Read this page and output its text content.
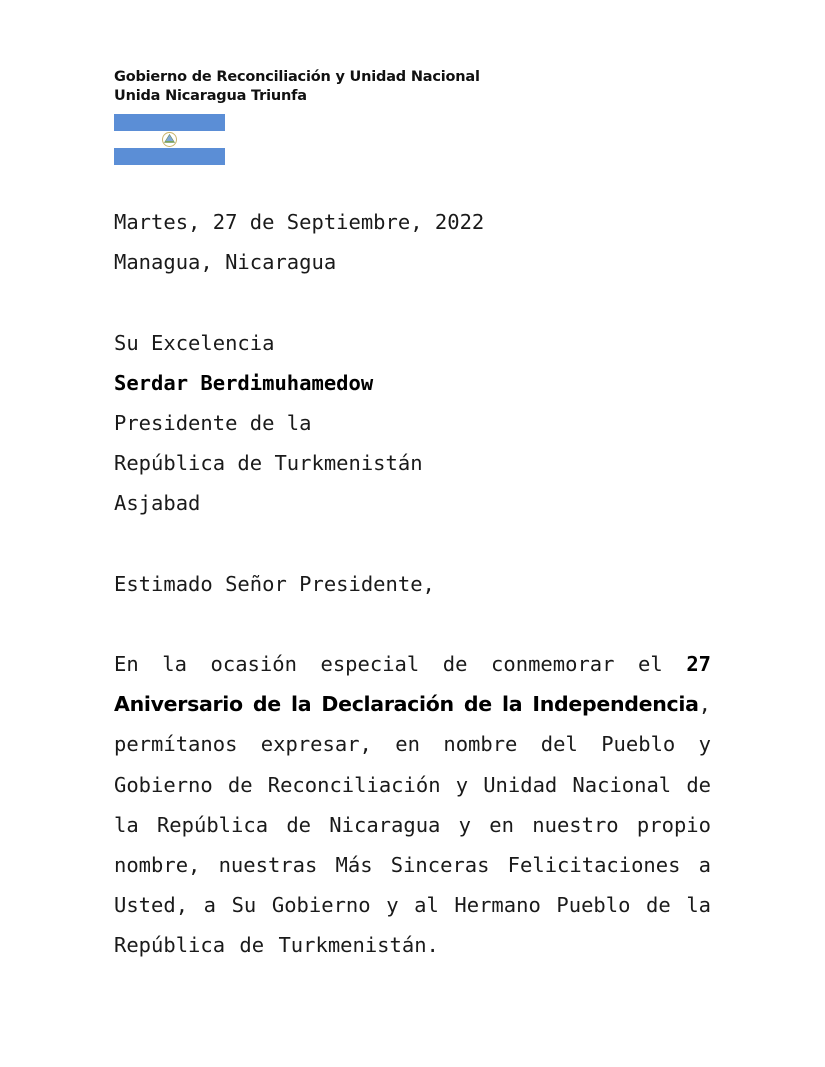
Gobierno de Reconciliación y Unidad Nacional
Unida Nicaragua Triunfa
Martes, 27 de Septiembre, 2022
Managua, Nicaragua
Su Excelencia
Serdar Berdimuhamedow
Presidente de la
República de Turkmenistán
Asjabad
Estimado Señor Presidente,
En la ocasión especial de conmemorar el 27 Aniversario de la Declaración de la Independencia, permítanos expresar, en nombre del Pueblo y Gobierno de Reconciliación y Unidad Nacional de la República de Nicaragua y en nuestro propio nombre, nuestras Más Sinceras Felicitaciones a Usted, a Su Gobierno y al Hermano Pueblo de la República de Turkmenistán.
